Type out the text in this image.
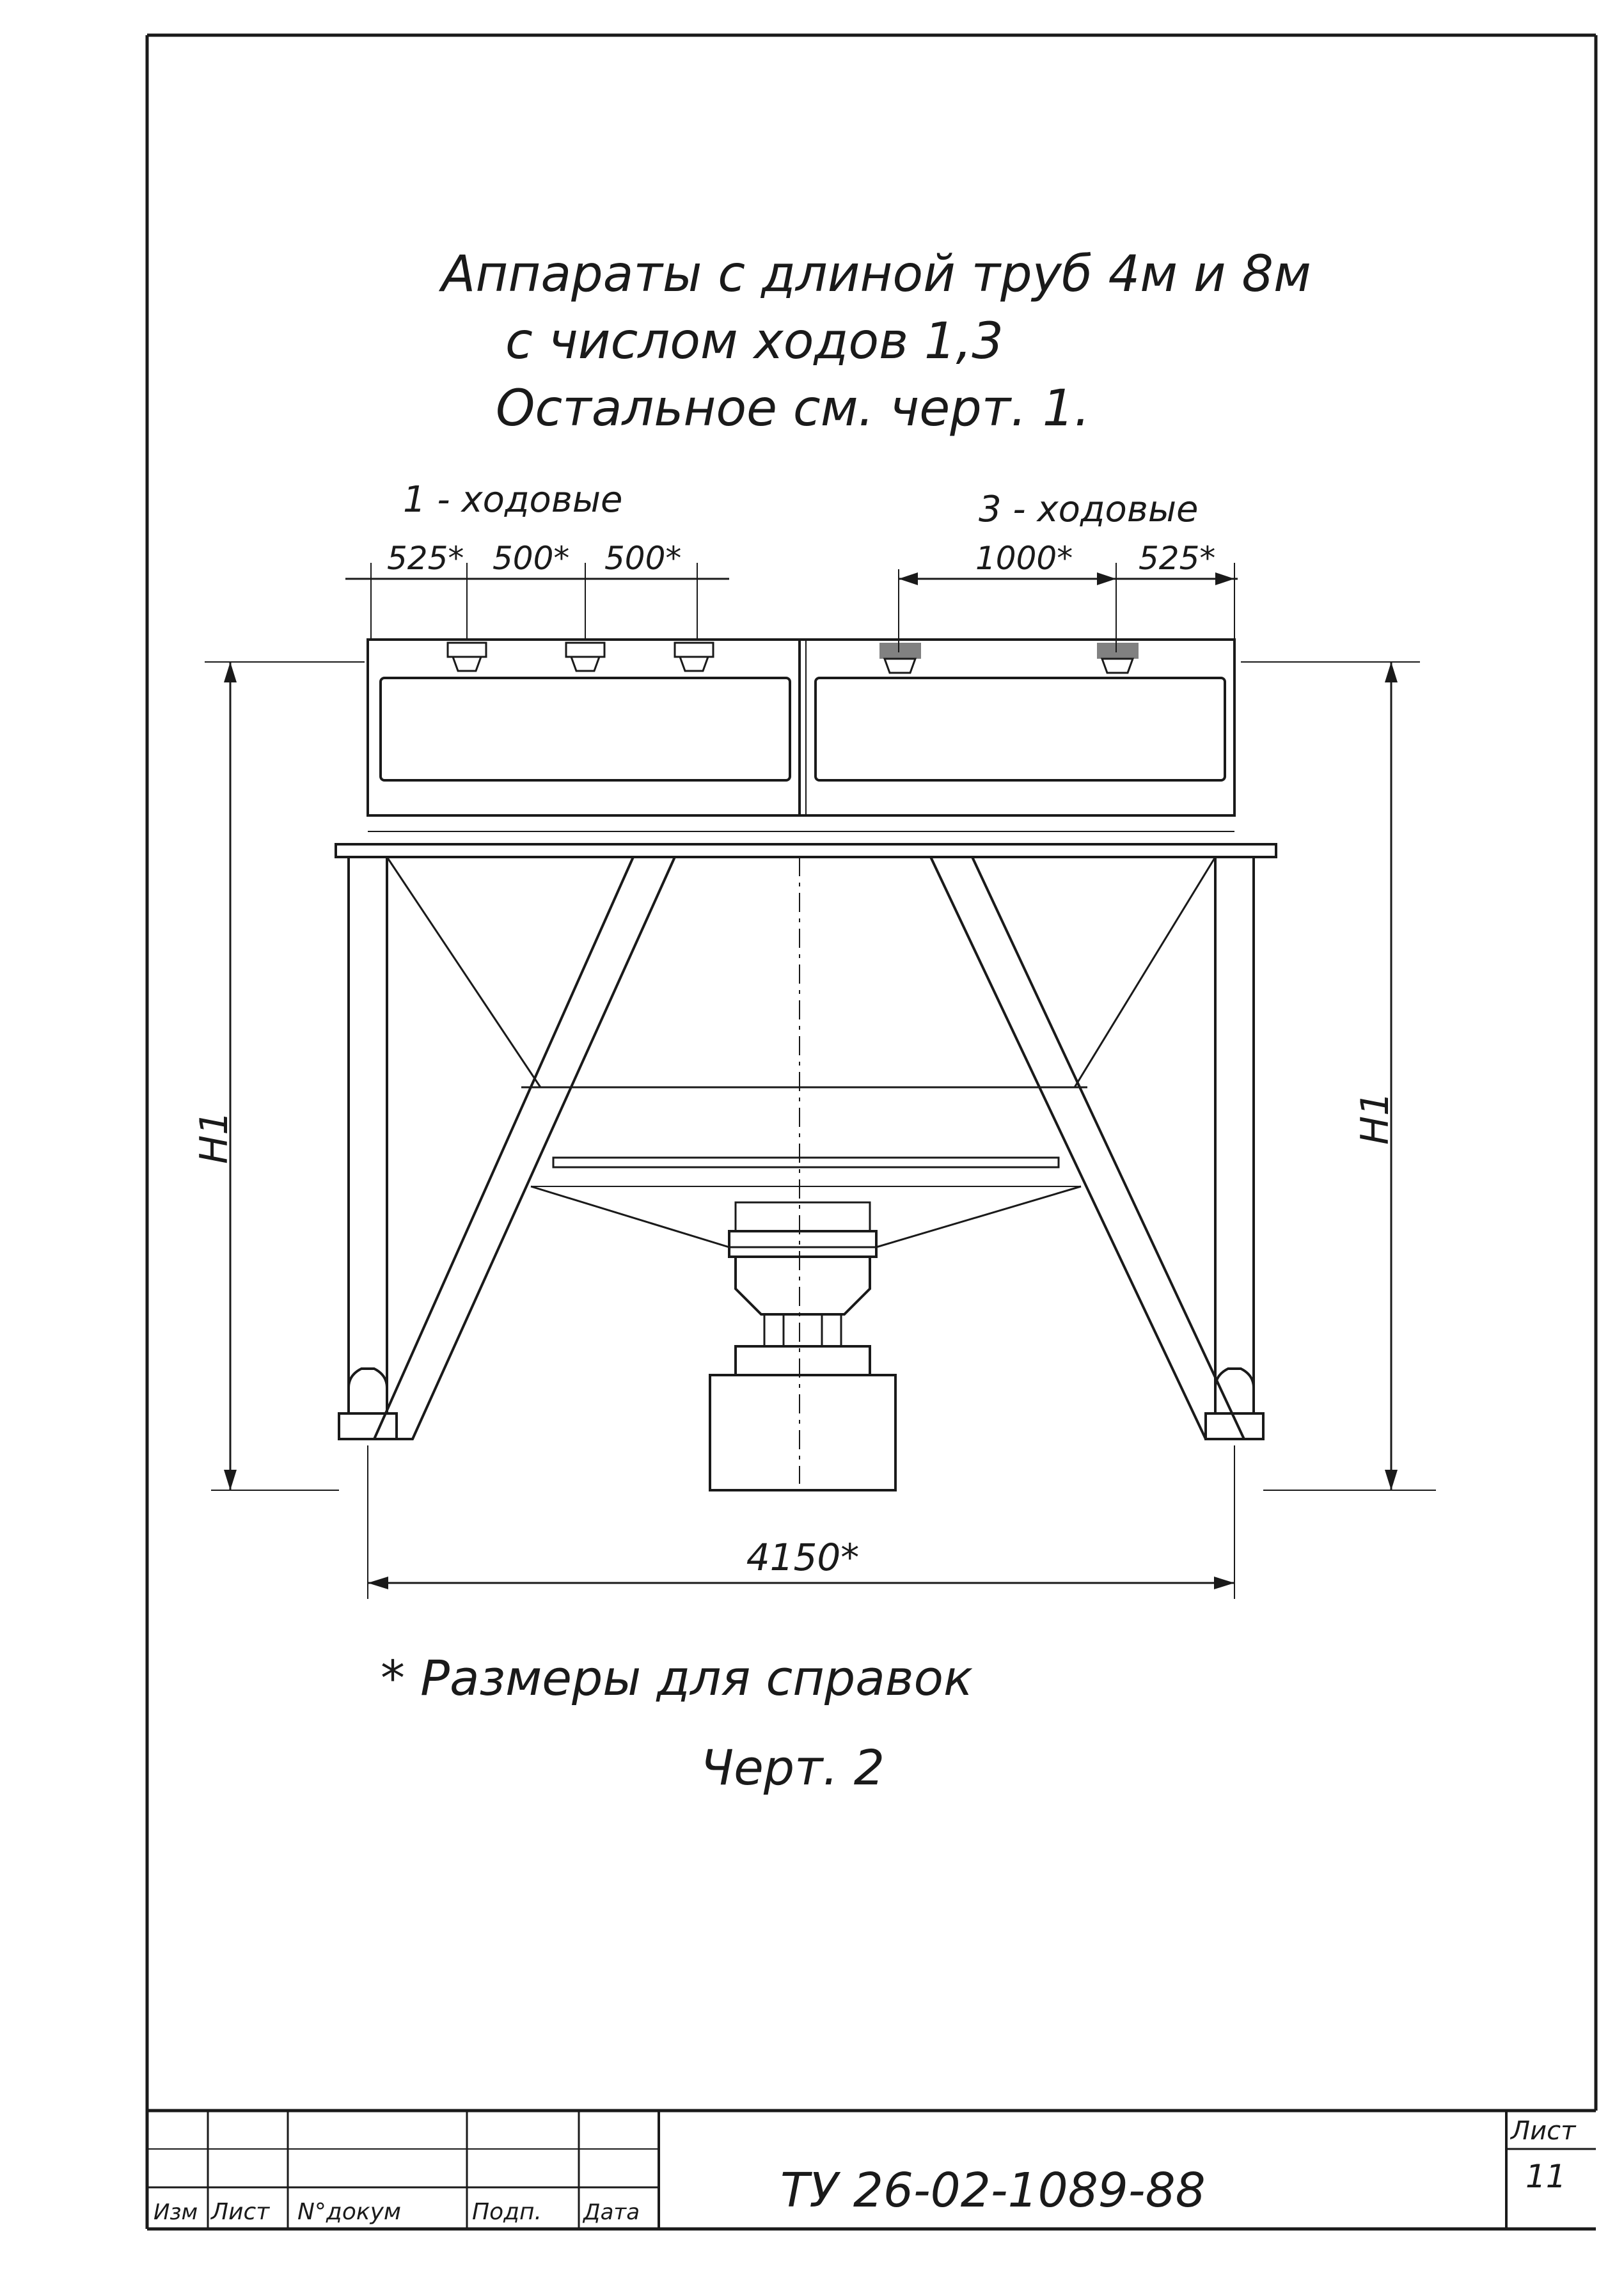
Аппараты с длиной труб 4м и 8м
с числом ходов 1,3
Остальное см. черт. 1.
1 - ходовые	3 - ходовые
525* 500* 500*	1000* 525*
H1	H1
4150*
* Размеры для справок
Черт. 2
Изм Лист N°докум	Подп. Дата	ТУ 26-02-1089-88
Лист
11
